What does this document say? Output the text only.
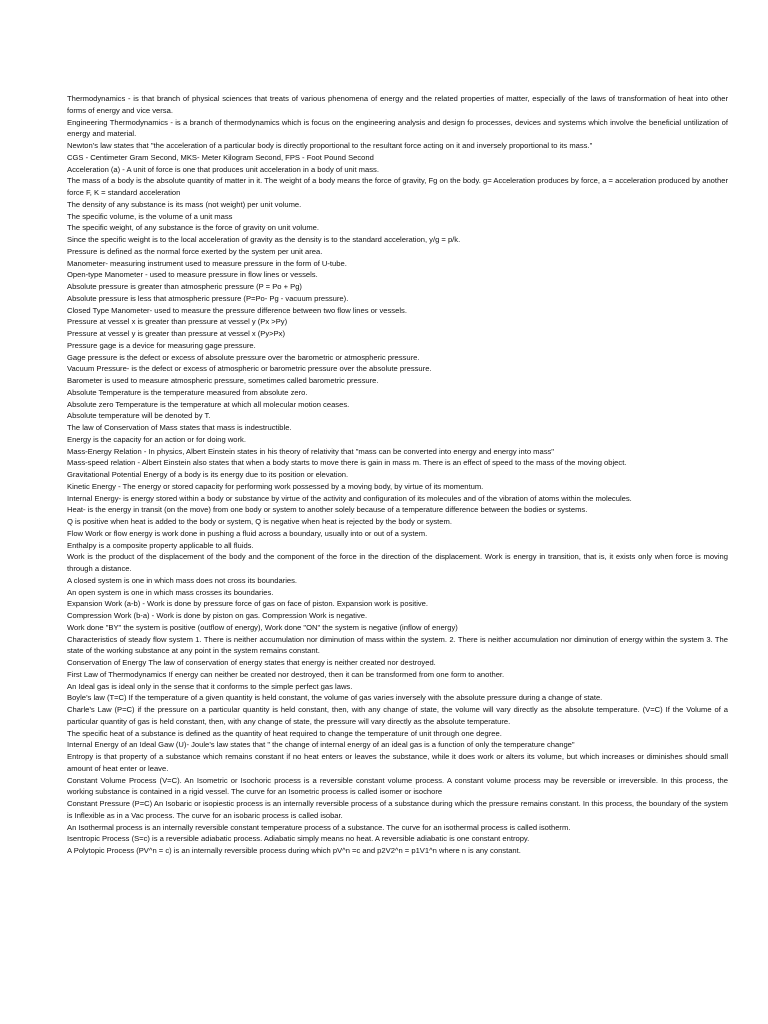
Thermodynamics - is that branch of physical sciences that treats of various phenomena of energy and the related properties of matter, especially of the laws of transformation of heat into other forms of energy and vice versa.

Engineering Thermodynamics - is a branch of thermodynamics which is focus on the engineering analysis and design fo processes, devices and systems which involve the beneficial untilization of energy and material.

Newton’s law states that "the acceleration of a particular body is directly proportional to the resultant force acting on it and inversely proportional to its mass."

CGS - Centimeter Gram Second, MKS- Meter Kilogram Second, FPS - Foot Pound Second

Acceleration (a) - A unit of force is one that produces unit acceleration in a body of unit mass.

The mass of a body is the absolute quantity of matter in it. The weight of a body means the force of gravity, Fg on the body. g= Acceleration produces by force, a = acceleration produced by another force F, K = standard acceleration

The density of any substance is its mass (not weight) per unit volume.

The specific volume, is the volume of a unit mass

The specific weight, of any substance is the force of gravity on unit volume.

Since the specific weight is to the local acceleration of gravity as the density is to the standard acceleration, y/g = p/k.

Pressure is defined as the normal force exerted by the system per unit area.

Manometer- measuring instrument used to measure pressure in the form of U-tube.

Open-type Manometer - used to measure pressure in flow lines or vessels.

Absolute pressure is greater than atmospheric pressure (P = Po + Pg)

Absolute pressure is less that atmospheric pressure (P=Po- Pg - vacuum pressure).

Closed Type Manometer- used to measure the pressure difference between two flow lines or vessels.

Pressure at vessel x is greater than pressure at vessel y (Px >Py)

Pressure at vessel y is greater than pressure at vessel x (Py>Px)

Pressure gage is a device for measuring gage pressure.

Gage pressure is the defect or excess of absolute pressure over the barometric or atmospheric pressure.

Vacuum Pressure- is the defect or excess of atmospheric or barometric pressure over the absolute pressure.

Barometer is used to measure atmospheric pressure, sometimes called barometric pressure.

Absolute Temperature is the temperature measured from absolute zero.

Absolute zero Temperature is the temperature at which all molecular motion ceases.

Absolute temperature will be denoted by T.

The law of Conservation of Mass states that mass is indestructible.

Energy is the capacity for an action or for doing work.

Mass-Energy Relation - In physics, Albert Einstein states in his theory of relativity that "mass can be converted into energy and energy into mass"

Mass-speed relation - Albert Einstein also states that when a body starts to move there is gain in mass m. There is an effect of speed to the mass of the moving object.

Gravitational Potential Energy of a body is its energy due to its position or elevation.

Kinetic Energy - The energy or stored capacity for performing work possessed by a moving body, by virtue of its momentum.

Internal Energy- is energy stored within a body or substance by virtue of the activity and configuration of its molecules and of the vibration of atoms within the molecules.

Heat- is the energy in transit (on the move) from one body or system to another solely because of a temperature difference between the bodies or systems.

Q is positive when heat is added to the body or system, Q is negative when heat is rejected by the body or system.

Flow Work or flow energy is work done in pushing a fluid across a boundary, usually into or out of a system.

Enthalpy is a composite property applicable to all fluids.

Work is the product of the displacement of the body and the component of the force in the direction of the displacement. Work is energy in transition, that is, it exists only when force is moving through a distance.

A closed system is one in which mass does not cross its boundaries.

An open system is one in which mass crosses its boundaries.

Expansion Work (a-b) - Work is done by pressure force of gas on face of piston. Expansion work is positive.

Compression Work (b-a) - Work is done by piston on gas. Compression Work is negative.

Work done "BY" the system is positive (outflow of energy), Work done "ON" the system is negative (inflow of energy)

Characteristics of steady flow system 1. There is neither accumulation nor diminution of mass within the system. 2. There is neither accumulation nor diminution of energy within the system 3. The state of the working substance at any point in the system remains constant.

Conservation of Energy The law of conservation of energy states that energy is neither created nor destroyed.

First Law of Thermodynamics If energy can neither be created nor destroyed, then it can be transformed from one form to another.

An Ideal gas is ideal only in the sense that it conforms to the simple perfect gas laws.

Boyle’s law (T=C) If the temperature of a given quantity is held constant, the volume of gas varies inversely with the absolute pressure during a change of state.

Charle’s Law (P=C) if the pressure on a particular quantity is held constant, then, with any change of state, the volume will vary directly as the absolute temperature. (V=C) If the Volume of a particular quantity of gas is held constant, then, with any change of state, the pressure will vary directly as the absolute temperature.

The specific heat of a substance is defined as the quantity of heat required to change the temperature of unit through one degree.

Internal Energy of an Ideal Gaw (U)- Joule’s law states that " the change of internal energy of an ideal gas is a function of only the temperature change"

Entropy is that property of a substance which remains constant if no heat enters or leaves the substance, while it does work or alters its volume, but which increases or diminishes should small amount of heat enter or leave.

Constant Volume Process (V=C). An Isometric or Isochoric process is a reversible constant volume process. A constant volume process may be reversible or irreversible. In this process, the working substance is contained in a rigid vessel. The curve for an Isometric process is called isomer or isochore

Constant Pressure (P=C) An Isobaric or isopiestic process is an internally reversible process of a substance during which the pressure remains constant. In this process, the boundary of the system is Inflexible as in a Vac process. The curve for an isobaric process is called isobar.

An Isothermal process is an internally reversible constant temperature process of a substance. The curve for an isothermal process is called isotherm.

Isentropic Process (S=c) is a reversible adiabatic process. Adiabatic simply means no heat. A reversible adiabatic is one constant entropy.

A Polytopic Process (PV^n = c) is an internally reversible process during which pV^n =c and p2V2^n = p1V1^n where n is any constant.
